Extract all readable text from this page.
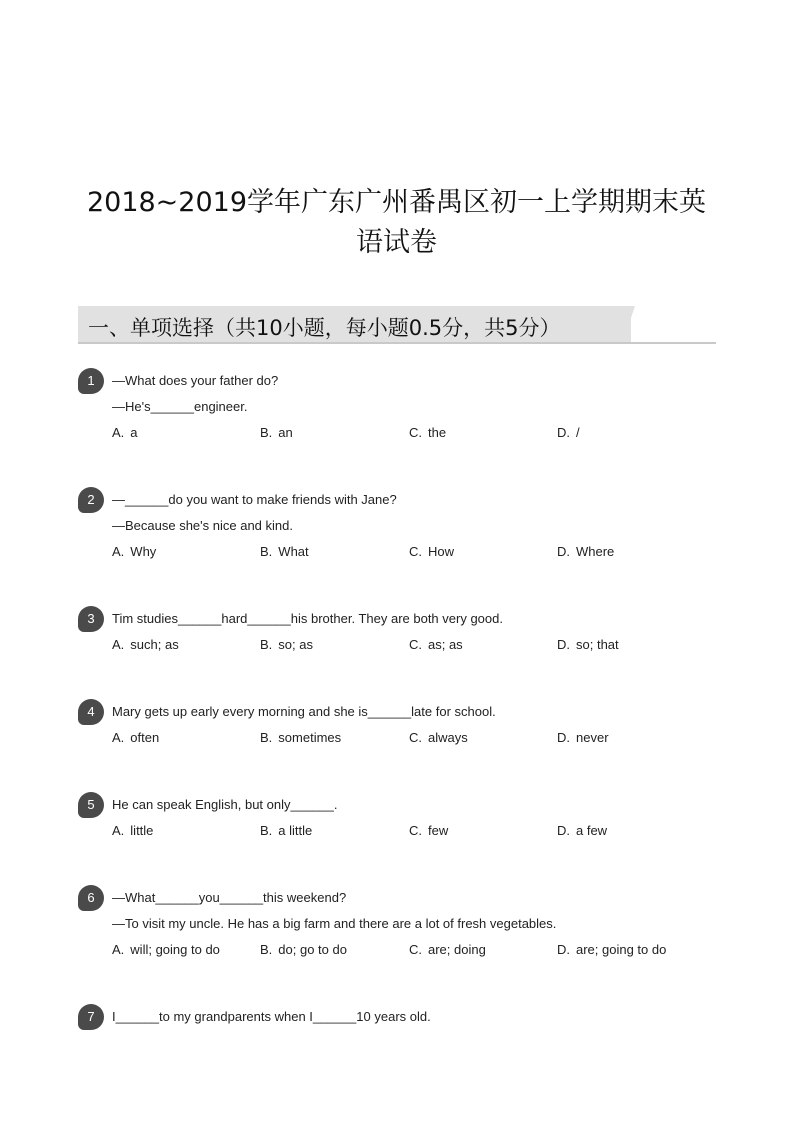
2018~2019学年广东广州番禺区初一上学期期末英
语试卷
一、单项选择（共10小题，每小题0.5分，共5分）
1	—What does your father do?
—He's______engineer.
A. a	B. an	C. the	D. /
2	—______do you want to make friends with Jane?
—Because she's nice and kind.
A. Why	B. What	C. How	D. Where
3	Tim studies______hard______his brother. They are both very good.
A. such; as	B. so; as	C. as; as	D. so; that
4	Mary gets up early every morning and she is______late for school.
A. often	B. sometimes	C. always	D. never
5	He can speak English, but only______.
A. little	B. a little	C. few	D. a few
6	—What______you______this weekend?
—To visit my uncle. He has a big farm and there are a lot of fresh vegetables.
A. will; going to do	B. do; go to do	C. are; doing	D. are; going to do
7	I______to my grandparents when I______10 years old.
